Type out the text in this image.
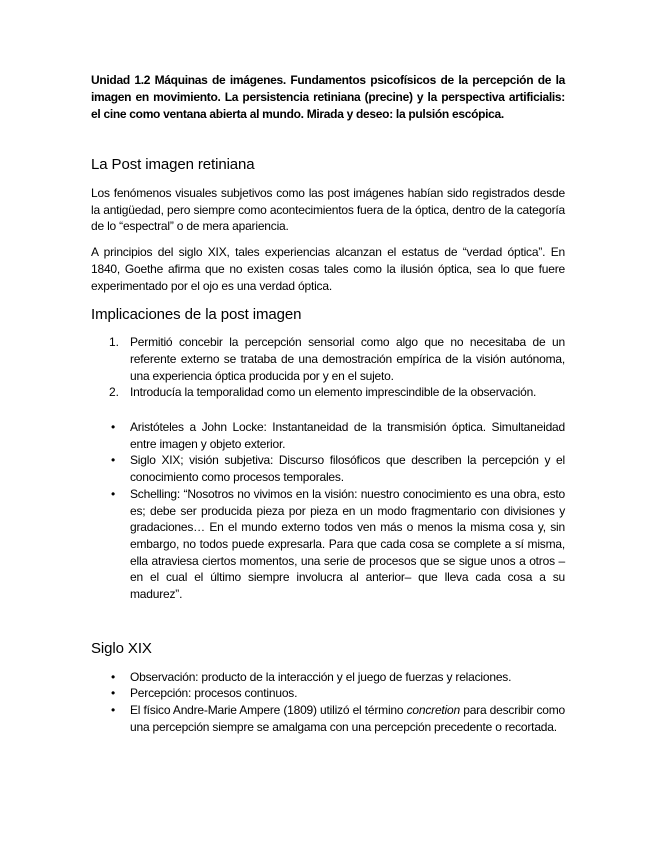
Unidad 1.2 Máquinas de imágenes. Fundamentos psicofísicos de la percepción de la imagen en movimiento. La persistencia retiniana (precine) y la perspectiva artificialis: el cine como ventana abierta al mundo. Mirada y deseo: la pulsión escópica.

La Post imagen retiniana

Los fenómenos visuales subjetivos como las post imágenes habían sido registrados desde la antigüedad, pero siempre como acontecimientos fuera de la óptica, dentro de la categoría de lo “espectral” o de mera apariencia.

A principios del siglo XIX, tales experiencias alcanzan el estatus de “verdad óptica”. En 1840, Goethe afirma que no existen cosas tales como la ilusión óptica, sea lo que fuere experimentado por el ojo es una verdad óptica.

Implicaciones de la post imagen
1. Permitió concebir la percepción sensorial como algo que no necesitaba de un referente externo se trataba de una demostración empírica de la visión autónoma, una experiencia óptica producida por y en el sujeto.

2. Introducía la temporalidad como un elemento imprescindible de la observación.

• Aristóteles a John Locke: Instantaneidad de la transmisión óptica. Simultaneidad entre imagen y objeto exterior.

• Siglo XIX; visión subjetiva: Discurso filosóficos que describen la percepción y el conocimiento como procesos temporales.

• Schelling: “Nosotros no vivimos en la visión: nuestro conocimiento es una obra, esto es; debe ser producida pieza por pieza en un modo fragmentario con divisiones y gradaciones… En el mundo externo todos ven más o menos la misma cosa y, sin embargo, no todos puede expresarla. Para que cada cosa se complete a sí misma, ella atraviesa ciertos momentos, una serie de procesos que se sigue unos a otros –en el cual el último siempre involucra al anterior– que lleva cada cosa a su madurez”.

Siglo XIX
• Observación: producto de la interacción y el juego de fuerzas y relaciones.

• Percepción: procesos continuos.

• El físico Andre-Marie Ampere (1809) utilizó el término concretion para describir como una percepción siempre se amalgama con una percepción precedente o recortada.
